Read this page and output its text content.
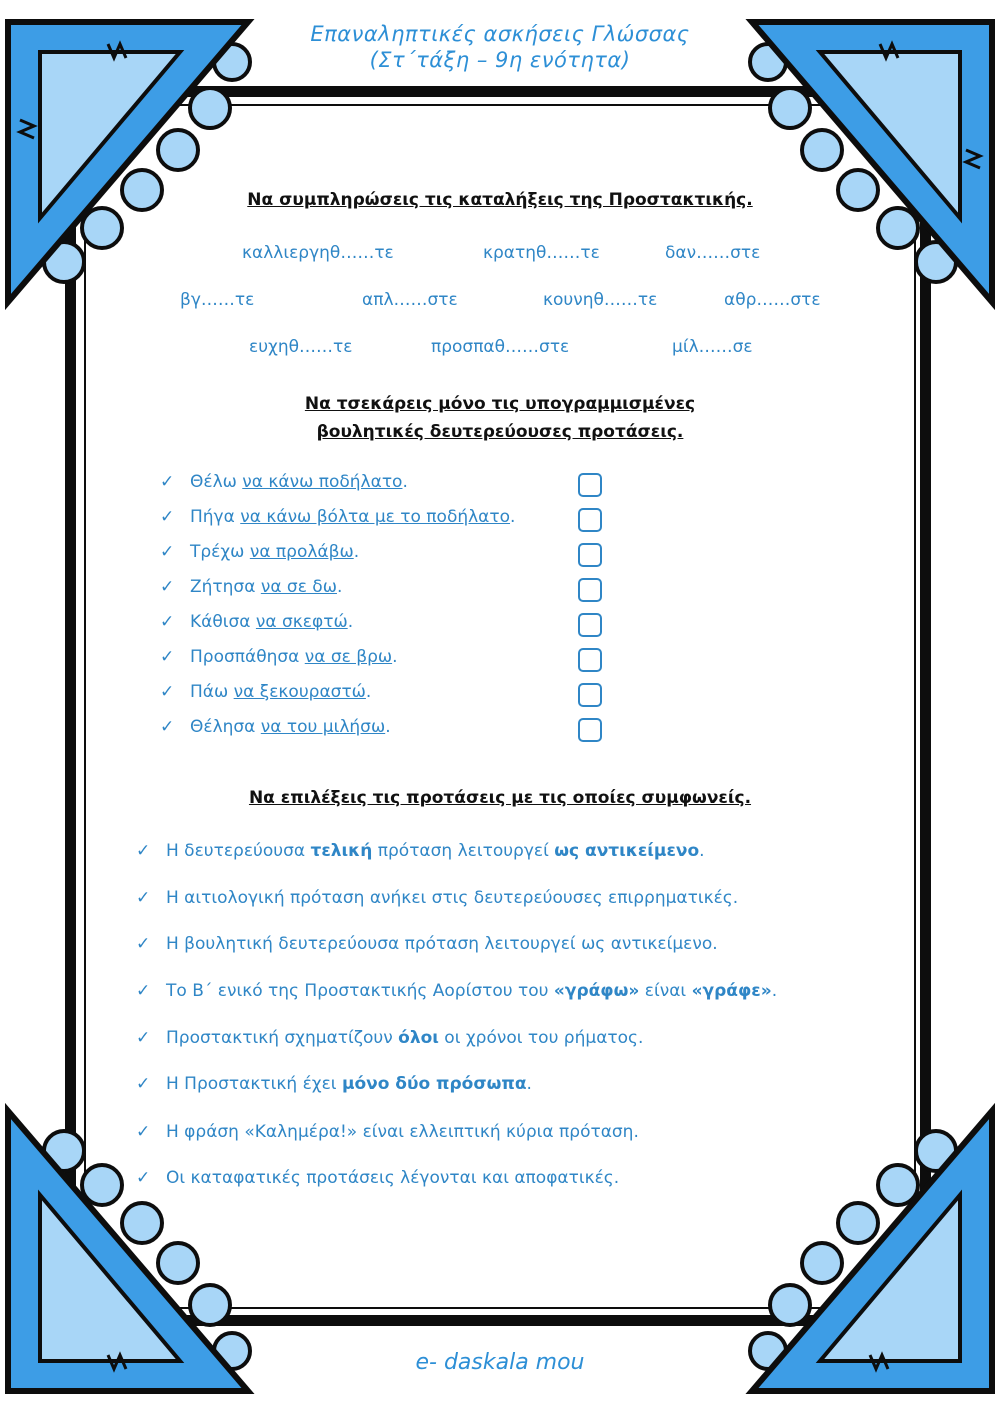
Επαναληπτικές ασκήσεις Γλώσσας
(Στ΄τάξη – 9η ενότητα)
Να συμπληρώσεις τις καταλήξεις της Προστακτικής.
καλλιεργηθ……τε	κρατηθ……τε	δαν……στε
βγ……τε	απλ……στε	κουνηθ……τε	αθρ……στε
ευχηθ……τε	προσπαθ……στε	μίλ……σε
Να τσεκάρεις μόνο τις υπογραμμισμένες
βουλητικές δευτερεύουσες προτάσεις.
✓ Θέλω να κάνω ποδήλατο.
✓ Πήγα να κάνω βόλτα με το ποδήλατο.
✓ Τρέχω να προλάβω.
✓ Ζήτησα να σε δω.
✓ Κάθισα να σκεφτώ.
✓ Προσπάθησα να σε βρω.
✓ Πάω να ξεκουραστώ.
✓ Θέλησα να του μιλήσω.
Να επιλέξεις τις προτάσεις με τις οποίες συμφωνείς.
✓ Η δευτερεύουσα τελική πρόταση λειτουργεί ως αντικείμενο.
✓ Η αιτιολογική πρόταση ανήκει στις δευτερεύουσες επιρρηματικές.
✓ Η βουλητική δευτερεύουσα πρόταση λειτουργεί ως αντικείμενο.
✓ Το Β΄ ενικό της Προστακτικής Αορίστου του «γράφω» είναι «γράφε».
✓ Προστακτική σχηματίζουν όλοι οι χρόνοι του ρήματος.
✓ Η Προστακτική έχει μόνο δύο πρόσωπα.
✓ Η φράση «Καλημέρα!» είναι ελλειπτική κύρια πρόταση.
✓ Οι καταφατικές προτάσεις λέγονται και αποφατικές.
e- daskala mou
